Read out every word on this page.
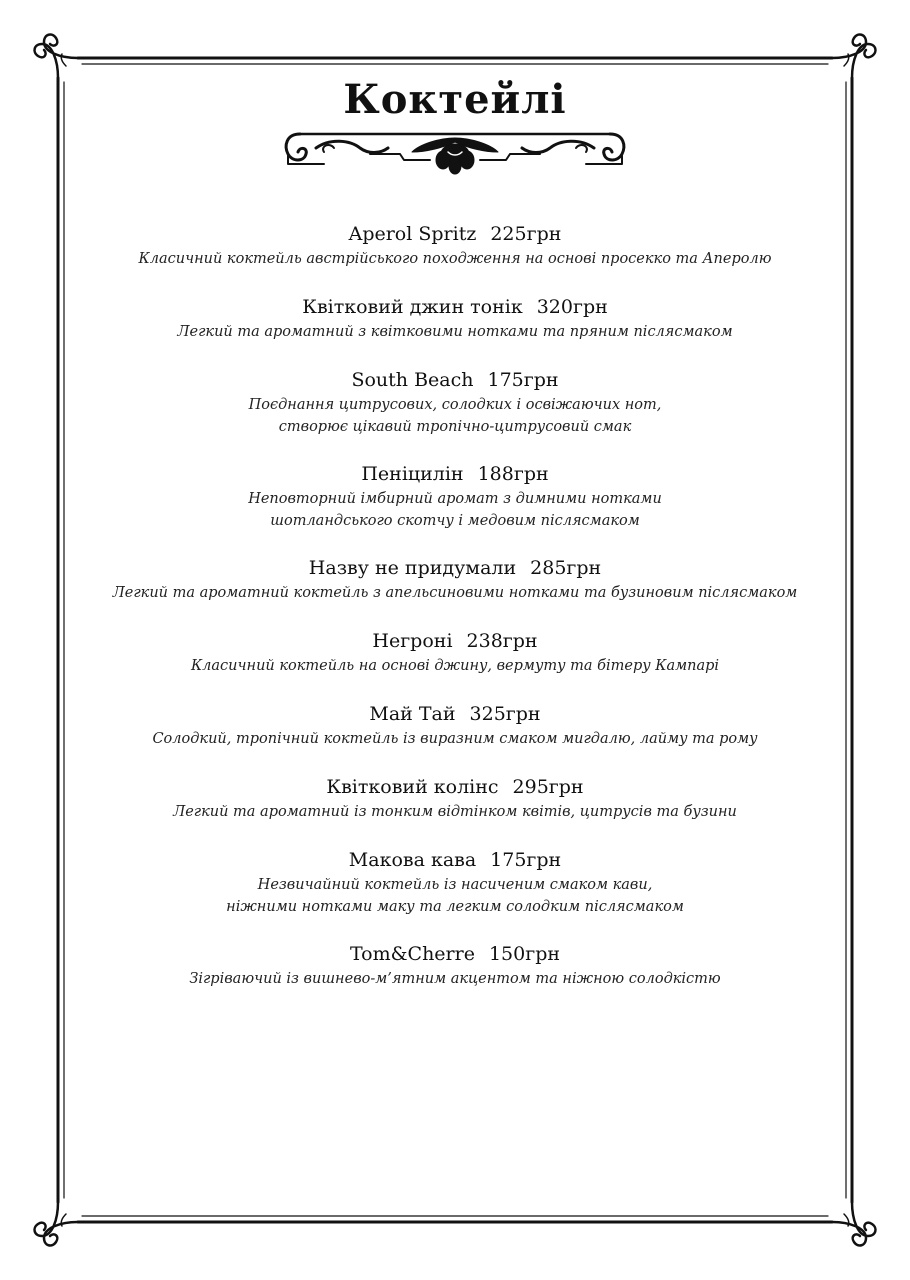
Коктейлі
Aperol Spritz 225грн
Класичний коктейль австрійського походження на основі просекко та Аперолю
Квітковий джин тонік 320грн
Легкий та ароматний з квітковими нотками та пряним післясмаком
South Beach 175грн
Поєднання цитрусових, солодких і освіжаючих нот,
створює цікавий тропічно-цитрусовий смак
Пеніцилін 188грн
Неповторний імбирний аромат з димними нотками
шотландського скотчу і медовим післясмаком
Назву не придумали 285грн
Легкий та ароматний коктейль з апельсиновими нотками та бузиновим післясмаком
Негроні 238грн
Класичний коктейль на основі джину, вермуту та бітеру Кампарі
Май Тай 325грн
Солодкий, тропічний коктейль із виразним смаком мигдалю, лайму та рому
Квітковий колінс 295грн
Легкий та ароматний із тонким відтінком квітів, цитрусів та бузини
Макова кава 175грн
Незвичайний коктейль із насиченим смаком кави,
ніжними нотками маку та легким солодким післясмаком
Tom&Cherre 150грн
Зігріваючий із вишнево-м’ятним акцентом та ніжною солодкістю
